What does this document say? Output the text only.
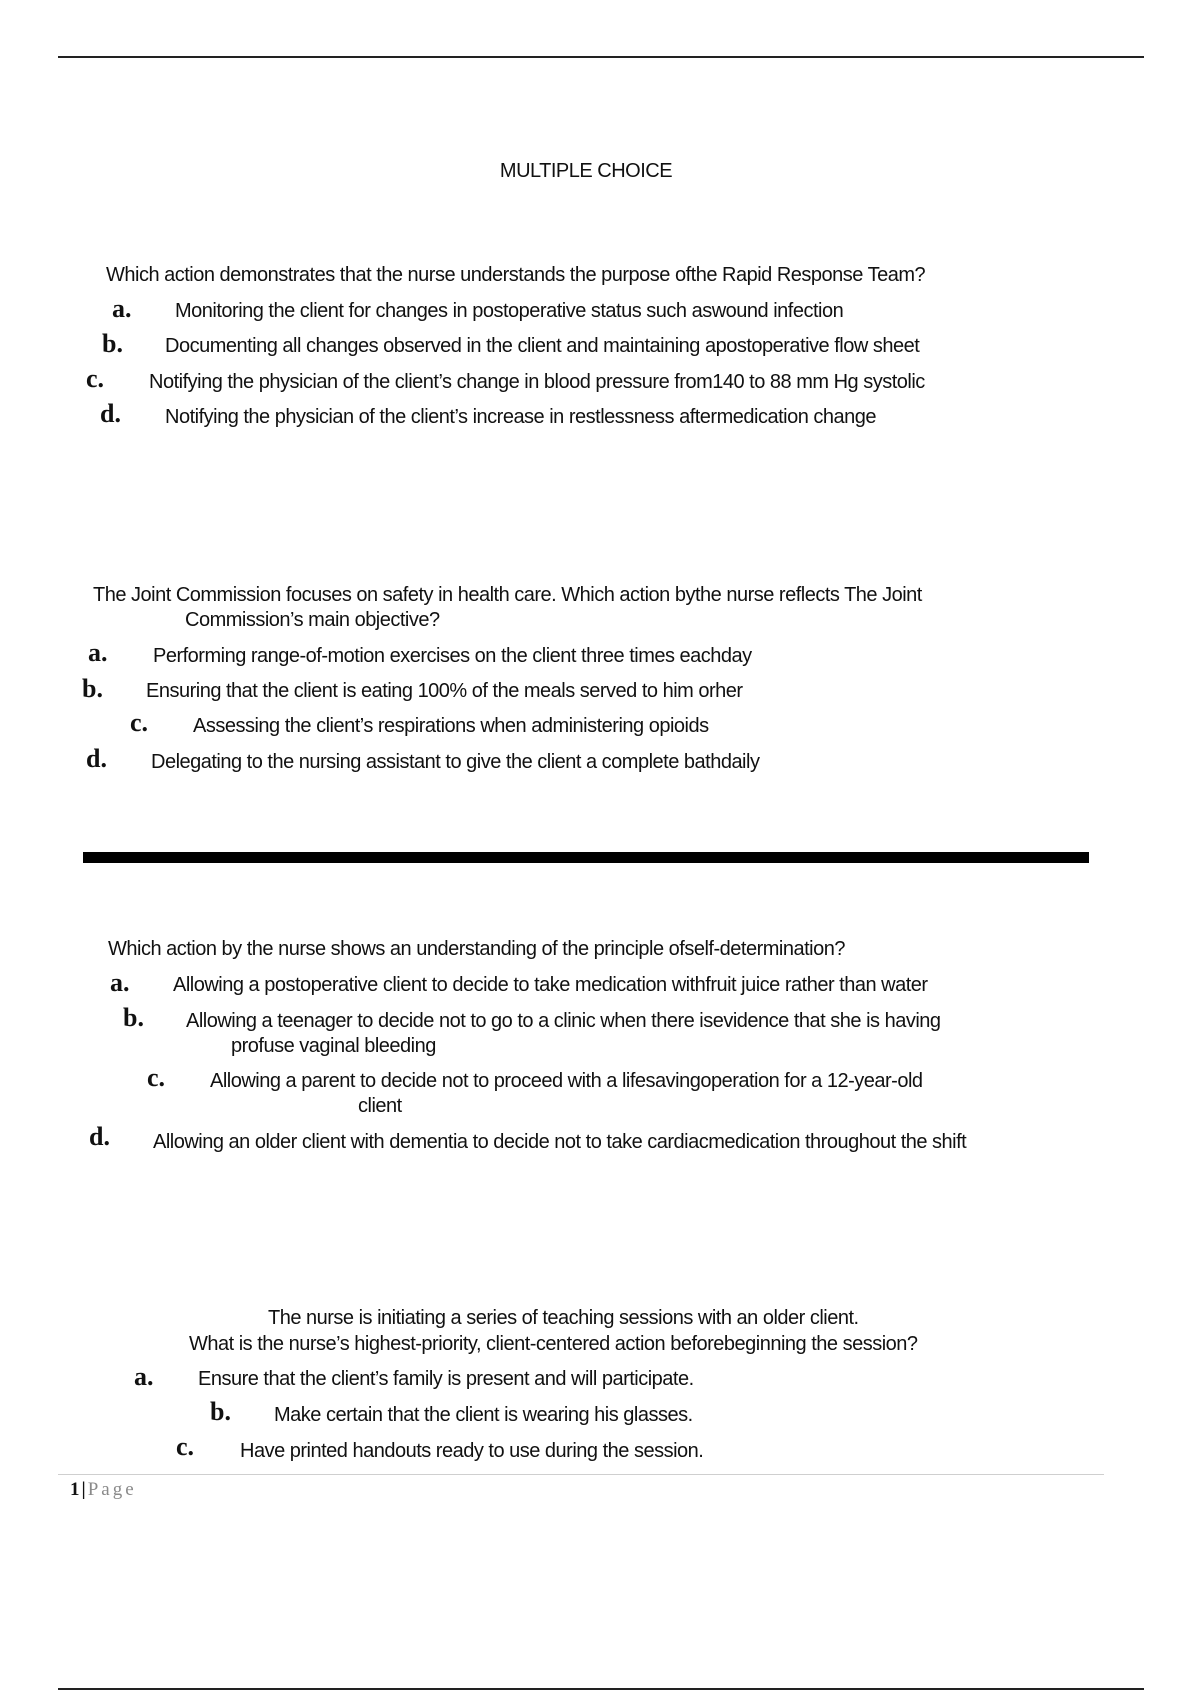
MULTIPLE CHOICE
Which action demonstrates that the nurse understands the purpose ofthe Rapid Response Team?
a. Monitoring the client for changes in postoperative status such aswound infection
b. Documenting all changes observed in the client and maintaining apostoperative flow sheet
c. Notifying the physician of the client’s change in blood pressure from140 to 88 mm Hg systolic
d. Notifying the physician of the client’s increase in restlessness aftermedication change
The Joint Commission focuses on safety in health care. Which action bythe nurse reflects The Joint
Commission’s main objective?
a. Performing range-of-motion exercises on the client three times eachday
b. Ensuring that the client is eating 100% of the meals served to him orher
c. Assessing the client’s respirations when administering opioids
d. Delegating to the nursing assistant to give the client a complete bathdaily
Which action by the nurse shows an understanding of the principle ofself-determination?
a. Allowing a postoperative client to decide to take medication withfruit juice rather than water
b. Allowing a teenager to decide not to go to a clinic when there isevidence that she is having
profuse vaginal bleeding
c. Allowing a parent to decide not to proceed with a lifesavingoperation for a 12-year-old
client
d. Allowing an older client with dementia to decide not to take cardiacmedication throughout the shift
The nurse is initiating a series of teaching sessions with an older client.
What is the nurse’s highest-priority, client-centered action beforebeginning the session?
a. Ensure that the client’s family is present and will participate.
b. Make certain that the client is wearing his glasses.
c. Have printed handouts ready to use during the session.
1 | Page
